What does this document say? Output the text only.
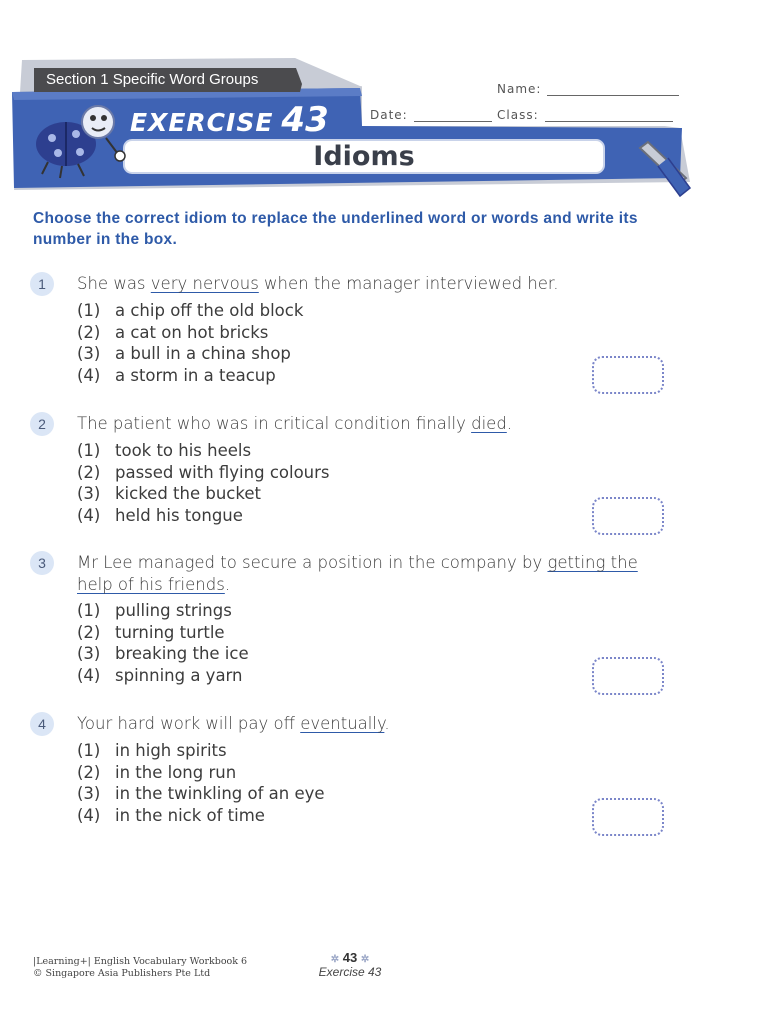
Section 1 Specific Word Groups
EXERCISE 43
Idioms
Name:
Date:	Class:
Choose the correct idiom to replace the underlined word or words and write its number in the box.
1	She was very nervous when the manager interviewed her.
(1) a chip off the old block
(2) a cat on hot bricks
(3) a bull in a china shop
(4) a storm in a teacup
2	The patient who was in critical condition finally died.
(1) took to his heels
(2) passed with flying colours
(3) kicked the bucket
(4) held his tongue
3	Mr Lee managed to secure a position in the company by getting the help of his friends.
(1) pulling strings
(2) turning turtle
(3) breaking the ice
(4) spinning a yarn
4	Your hard work will pay off eventually.
(1) in high spirits
(2) in the long run
(3) in the twinkling of an eye
(4) in the nick of time
|Learning+| English Vocabulary Workbook 6
© Singapore Asia Publishers Pte Ltd
✲ 43 ✲
Exercise 43
